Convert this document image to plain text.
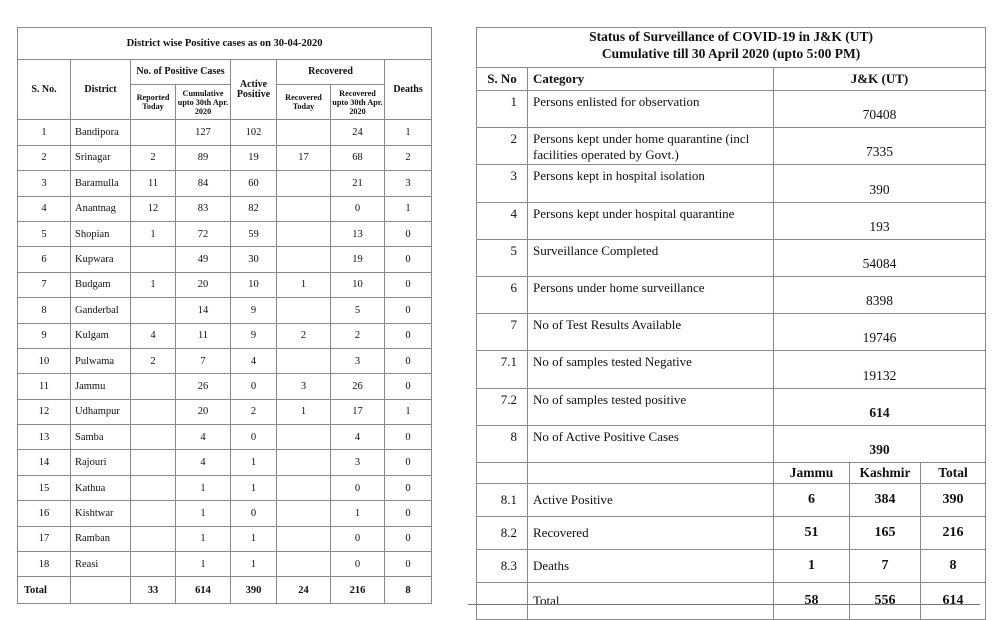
District wise Positive cases as on 30-04-2020							
S. No.	District	No. of Positive Cases		Active Positive	Recovered		Deaths
		Reported Today	Cumulative upto 30th Apr. 2020		Recovered Today	Recovered upto 30th Apr. 2020	
1	Bandipora		127	102		24	1
2	Srinagar	2	89	19	17	68	2
3	Baramulla	11	84	60		21	3
4	Anantnag	12	83	82		0	1
5	Shopian	1	72	59		13	0
6	Kupwara		49	30		19	0
7	Budgam	1	20	10	1	10	0
8	Ganderbal		14	9		5	0
9	Kulgam	4	11	9	2	2	0
10	Pulwama	2	7	4		3	0
11	Jammu		26	0	3	26	0
12	Udhampur		20	2	1	17	1
13	Samba		4	0		4	0
14	Rajouri		4	1		3	0
15	Kathua		1	1		0	0
16	Kishtwar		1	0		1	0
17	Ramban		1	1		0	0
18	Reasi		1	1		0	0
Total		33	614	390	24	216	8
Status of Surveillance of COVID-19 in J&K (UT)
Cumulative till 30 April 2020 (upto 5:00 PM)				

S. No	Category	J&K (UT)		
1	Persons enlisted for observation	70408		
2	Persons kept under home quarantine (incl facilities operated by Govt.)	7335		
3	Persons kept in hospital isolation	390		
4	Persons kept under hospital quarantine	193		
5	Surveillance Completed	54084		
6	Persons under home surveillance	8398		
7	No of Test Results Available	19746		
7.1	No of samples tested Negative	19132		
7.2	No of samples tested positive	614		
8	No of Active Positive Cases	390		
		Jammu	Kashmir	Total
8.1	Active Positive	6	384	390
8.2	Recovered	51	165	216
8.3	Deaths	1	7	8
	Total	58	556	614
